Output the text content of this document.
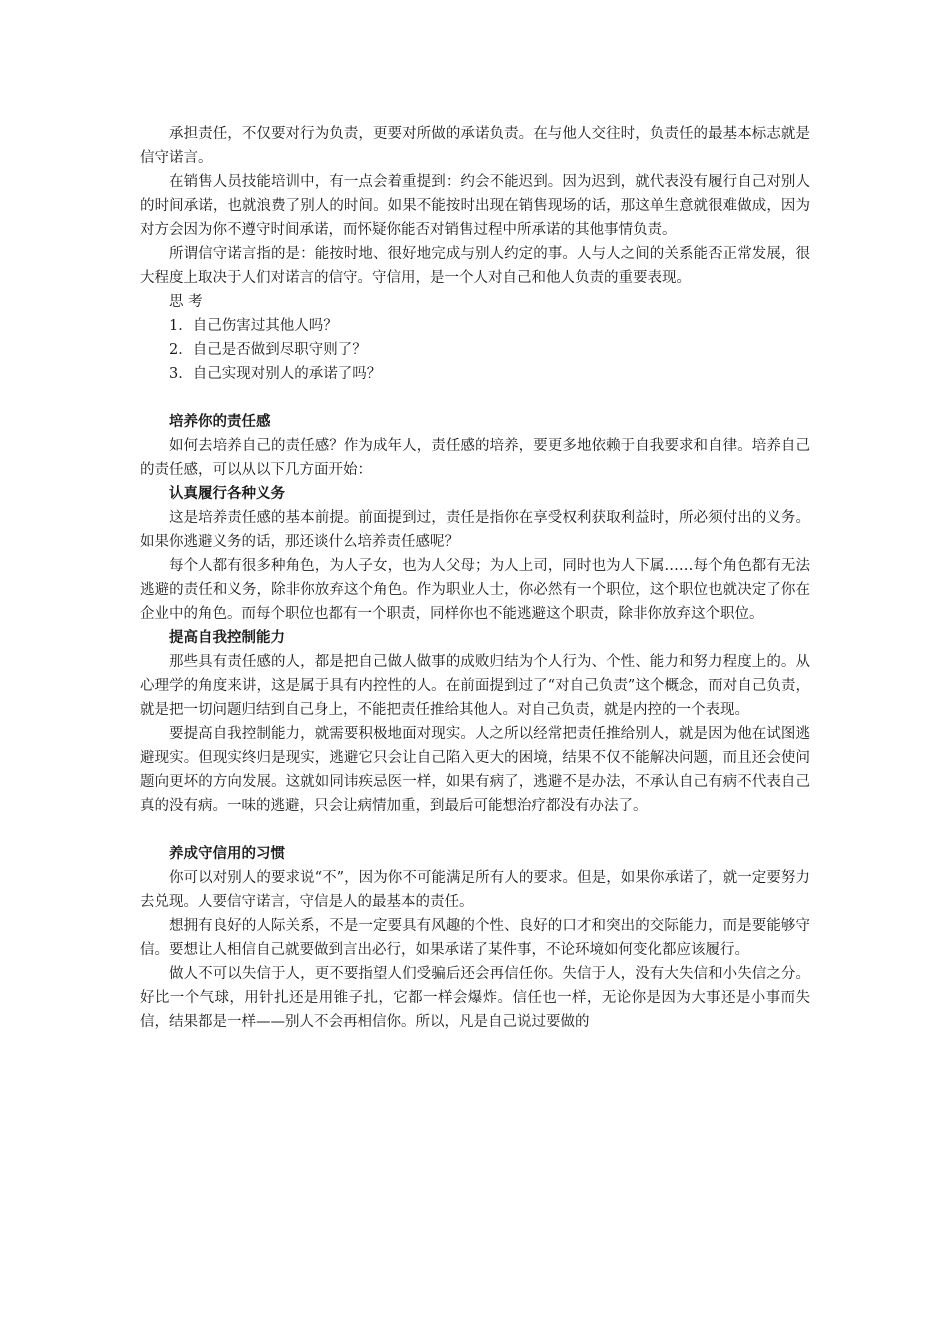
承担责任，不仅要对行为负责，更要对所做的承诺负责。在与他人交往时，负责任的最基本标志就是信守诺言。

在销售人员技能培训中，有一点会着重提到：约会不能迟到。因为迟到，就代表没有履行自己对别人的时间承诺，也就浪费了别人的时间。如果不能按时出现在销售现场的话，那这单生意就很难做成，因为对方会因为你不遵守时间承诺，而怀疑你能否对销售过程中所承诺的其他事情负责。

所谓信守诺言指的是：能按时地、很好地完成与别人约定的事。人与人之间的关系能否正常发展，很大程度上取决于人们对诺言的信守。守信用，是一个人对自己和他人负责的重要表现。

思 考
1．自己伤害过其他人吗？
2．自己是否做到尽职守则了？
3．自己实现对别人的承诺了吗？
培养你的责任感

如何去培养自己的责任感？作为成年人，责任感的培养，要更多地依赖于自我要求和自律。培养自己的责任感，可以从以下几方面开始：

认真履行各种义务

这是培养责任感的基本前提。前面提到过，责任是指你在享受权利获取利益时，所必须付出的义务。如果你逃避义务的话，那还谈什么培养责任感呢？

每个人都有很多种角色，为人子女，也为人父母；为人上司，同时也为人下属……每个角色都有无法逃避的责任和义务，除非你放弃这个角色。作为职业人士，你必然有一个职位，这个职位也就决定了你在企业中的角色。而每个职位也都有一个职责，同样你也不能逃避这个职责，除非你放弃这个职位。

提高自我控制能力

那些具有责任感的人，都是把自己做人做事的成败归结为个人行为、个性、能力和努力程度上的。从心理学的角度来讲，这是属于具有内控性的人。在前面提到过了“对自己负责”这个概念，而对自己负责，就是把一切问题归结到自己身上，不能把责任推给其他人。对自己负责，就是内控的一个表现。

要提高自我控制能力，就需要积极地面对现实。人之所以经常把责任推给别人，就是因为他在试图逃避现实。但现实终归是现实，逃避它只会让自己陷入更大的困境，结果不仅不能解决问题，而且还会使问题向更坏的方向发展。这就如同讳疾忌医一样，如果有病了，逃避不是办法，不承认自己有病不代表自己真的没有病。一味的逃避，只会让病情加重，到最后可能想治疗都没有办法了。

养成守信用的习惯

你可以对别人的要求说“不”，因为你不可能满足所有人的要求。但是，如果你承诺了，就一定要努力去兑现。人要信守诺言，守信是人的最基本的责任。

想拥有良好的人际关系，不是一定要具有风趣的个性、良好的口才和突出的交际能力，而是要能够守信。要想让人相信自己就要做到言出必行，如果承诺了某件事，不论环境如何变化都应该履行。

做人不可以失信于人，更不要指望人们受骗后还会再信任你。失信于人，没有大失信和小失信之分。好比一个气球，用针扎还是用锥子扎，它都一样会爆炸。信任也一样，无论你是因为大事还是小事而失信，结果都是一样——别人不会再相信你。所以，凡是自己说过要做的
